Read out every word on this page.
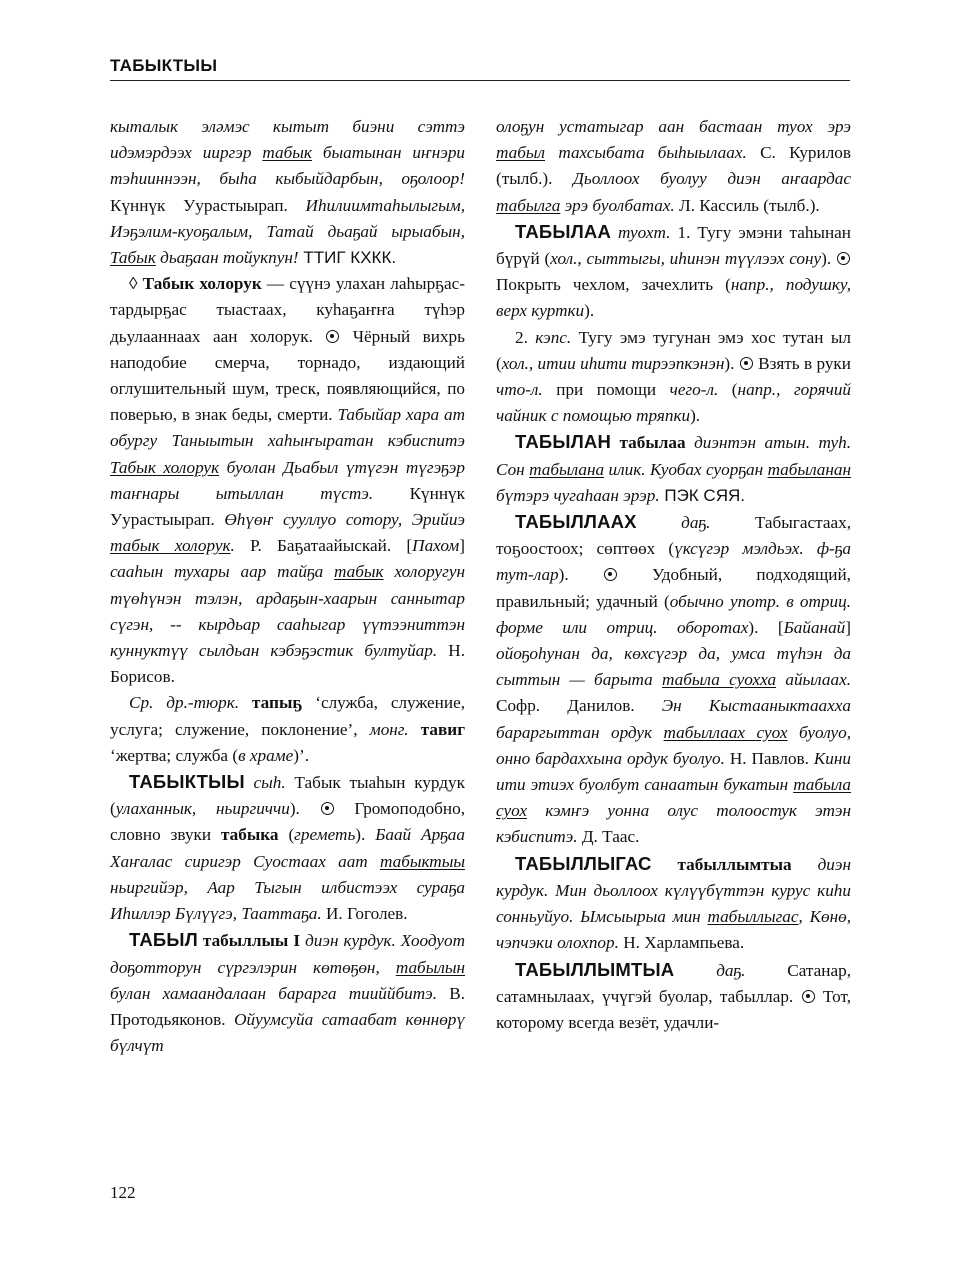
ТАБЫКТЫЫ

кыталык эләмэс кытыт биэни сэттэ идэмэрдээх ииргэр табык быатынан иҥнэри тэһииннээн, быһа кыбыйдарбын, оҕолоор! Күннүк Уурастыырап. Иһилиимтаһылыгым, Иэҕэлим-куоҕалым, Татай дьаҕай ырыабын, Табык дьаҕаан тойукпун! ТТИГ КХКК.

◊ Табык холорук — сүүнэ улахан лаһырҕас-тардырҕас тыастаах, куһаҕаҥҥа түһэр дьулааннаах аан холорук.  Чёрный вихрь наподобие смерча, торнадо, издающий оглушительный шум, треск, появляющийся, по поверью, в знак беды, смерти. Табыйар хара ат обургу Таныытын хаһыҥыратан кэбиспитэ Табык холорук буолан Дьабыл үтүгэн түгэҕэр таҥнары ытыллан түстэ. Күннүк Уурастыырап. Өһүөҥ сууллуо сотору, Эрийиэ табык холорук. Р. Баҕатаайыскай. [Пахом] сааһын тухары аар тайҕа табык холоругун түөһүнэн тэлэн, ардаҕын-хаарын саннытар сүгэн, -- кырдьар сааһыгар үүтээниттэн куннуктүү сылдьан кэбэҕэстик бултуйар. Н. Борисов.

Ср. др.-тюрк. тапыҕ ‘служба, служение, услуга; служение, поклонение’, монг. тавиг ‘жертва; служба (в храме)’.

ТАБЫКТЫЫ сыһ. Табык тыаһын курдук (улаханнык, ньиргиччи).  Громоподобно, словно звуки табыка (греметь). Баай Арҕаа Хаҥалас сиригэр Суостаах аат табыктыы ньиргийэр, Аар Тыгын илбистээх сураҕа Иһиллэр Бүлүүгэ, Тааттаҕа. И. Гоголев.

ТАБЫЛ табыллыы I диэн курдук. Хоодуот доҕотторун сүргэлэрин көтөҕөн, табылын булан хамаандалаан бараргa тииййбитэ. В. Протодьяконов. Ойуумсуйа сатаабат көннөрү бүлчүт

олоҕун устатыгар аан бастаан туох эрэ табыл тахсыбата быһыылаах. С. Курилов (тылб.). Дьоллоох буолуу диэн аҥаардас табылга эрэ буолбатах. Л. Кассиль (тылб.).

ТАБЫЛАА туохт. 1. Тугу эмэни таһынан бүрүй (хол., сыттыгы, иһинэн түүлээх сону).  Покрыть чехлом, зачехлить (напр., подушку, верх куртки).

2. кэпс. Тугу эмэ тугунан эмэ хос тутан ыл (хол., итии иһити тирээпкэнэн).  Взять в руки что-л. при помощи чего-л. (напр., горячий чайник с помощью тряпки).

ТАБЫЛАН табылаа диэнтэн атын. туһ. Сон табылана илик. Куобах суорҕан табыланан бүтэрэ чугаһаан эрэр. ПЭК СЯЯ.

ТАБЫЛЛААХ даҕ. Табыгастаах, тоҕоостоох; сөптөөх (үксүгэр мэлдьэх. ф-ҕа тут-лар).  Удобный, подходящий, правильный; удачный (обычно употр. в отриц. форме или отриц. оборотах). [Байанай] ойоҕоһунан да, көхсүгэр да, умса түһэн да сыттын — барыта табыла суохха айылаах. Софр. Данилов. Эн Кыстааныктааххa бараргыттан ордук табыллаах суох буолуо, онно бардаххына ордук буолуо. Н. Павлов. Кини ити этиэх буолбут санаатын букатын табыла суох кэмҥэ уонна олус толоостук этэн кэбиспитэ. Д. Таас.

ТАБЫЛЛЫГАС табыллымтыа диэн курдук. Мин дьоллоох күлүүбүттэн курус киһи сонньуйуо. Ымсыырыа мин табыллыгас, Көнө, чэпчэки олохпор. Н. Харлампьева.

ТАБЫЛЛЫМТЫА даҕ. Сатанар, сатамнылаах, үчүгэй буолар, табыллар.  Тот, которому всегда везёт, удачли-

122
